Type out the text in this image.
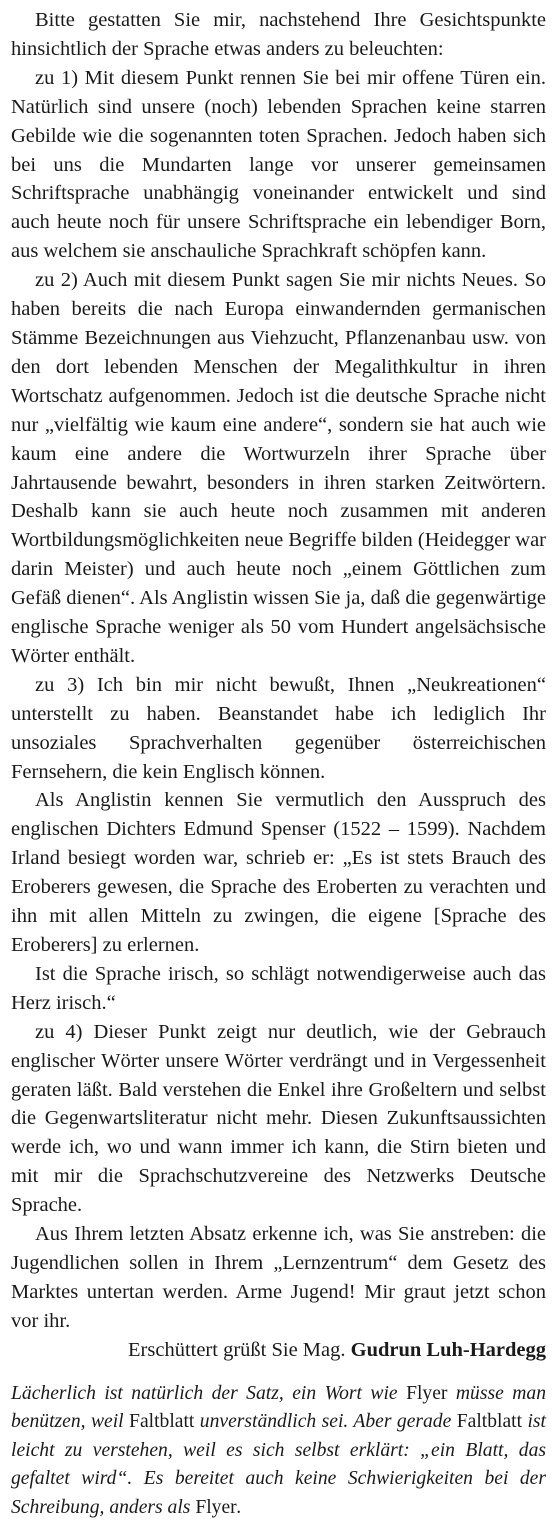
Bitte gestatten Sie mir, nachstehend Ihre Gesichtspunkte hinsichtlich der Sprache etwas anders zu beleuchten:

zu 1) Mit diesem Punkt rennen Sie bei mir offene Türen ein. Natürlich sind unsere (noch) lebenden Sprachen keine starren Gebilde wie die sogenannten toten Sprachen. Jedoch haben sich bei uns die Mundarten lange vor unserer gemeinsamen Schriftsprache unabhängig voneinander entwickelt und sind auch heute noch für unsere Schriftsprache ein lebendiger Born, aus welchem sie anschauliche Sprachkraft schöpfen kann.

zu 2) Auch mit diesem Punkt sagen Sie mir nichts Neues. So haben bereits die nach Europa einwandernden germanischen Stämme Bezeichnungen aus Viehzucht, Pflanzenanbau usw. von den dort lebenden Menschen der Megalithkultur in ihren Wortschatz aufgenommen. Jedoch ist die deutsche Sprache nicht nur „vielfältig wie kaum eine andere“, sondern sie hat auch wie kaum eine andere die Wortwurzeln ihrer Sprache über Jahrtausende bewahrt, besonders in ihren starken Zeitwörtern. Deshalb kann sie auch heute noch zusammen mit anderen Wortbildungsmöglichkeiten neue Begriffe bilden (Heidegger war darin Meister) und auch heute noch „einem Göttlichen zum Gefäß dienen“. Als Anglistin wissen Sie ja, daß die gegenwärtige englische Sprache weniger als 50 vom Hundert angelsächsische Wörter enthält.

zu 3) Ich bin mir nicht bewußt, Ihnen „Neukreationen“ unterstellt zu haben. Beanstandet habe ich lediglich Ihr unsoziales Sprachverhalten gegenüber österreichischen Fernsehern, die kein Englisch können.

Als Anglistin kennen Sie vermutlich den Ausspruch des englischen Dichters Edmund Spenser (1522 – 1599). Nachdem Irland besiegt worden war, schrieb er: „Es ist stets Brauch des Eroberers gewesen, die Sprache des Eroberten zu verachten und ihn mit allen Mitteln zu zwingen, die eigene [Sprache des Eroberers] zu erlernen.

Ist die Sprache irisch, so schlägt notwendigerweise auch das Herz irisch.“

zu 4) Dieser Punkt zeigt nur deutlich, wie der Gebrauch englischer Wörter unsere Wörter verdrängt und in Vergessenheit geraten läßt. Bald verstehen die Enkel ihre Großeltern und selbst die Gegenwartsliteratur nicht mehr. Diesen Zukunftsaussichten werde ich, wo und wann immer ich kann, die Stirn bieten und mit mir die Sprachschutzvereine des Netzwerks Deutsche Sprache.

Aus Ihrem letzten Absatz erkenne ich, was Sie anstreben: die Jugendlichen sollen in Ihrem „Lernzentrum“ dem Gesetz des Marktes untertan werden. Arme Jugend! Mir graut jetzt schon vor ihr.

Erschüttert grüßt Sie Mag. Gudrun Luh-Hardegg

Lächerlich ist natürlich der Satz, ein Wort wie Flyer müsse man benützen, weil Faltblatt unverständlich sei. Aber gerade Faltblatt ist leicht zu verstehen, weil es sich selbst erklärt: „ein Blatt, das gefaltet wird“. Es bereitet auch keine Schwierigkeiten bei der Schreibung, anders als Flyer.
